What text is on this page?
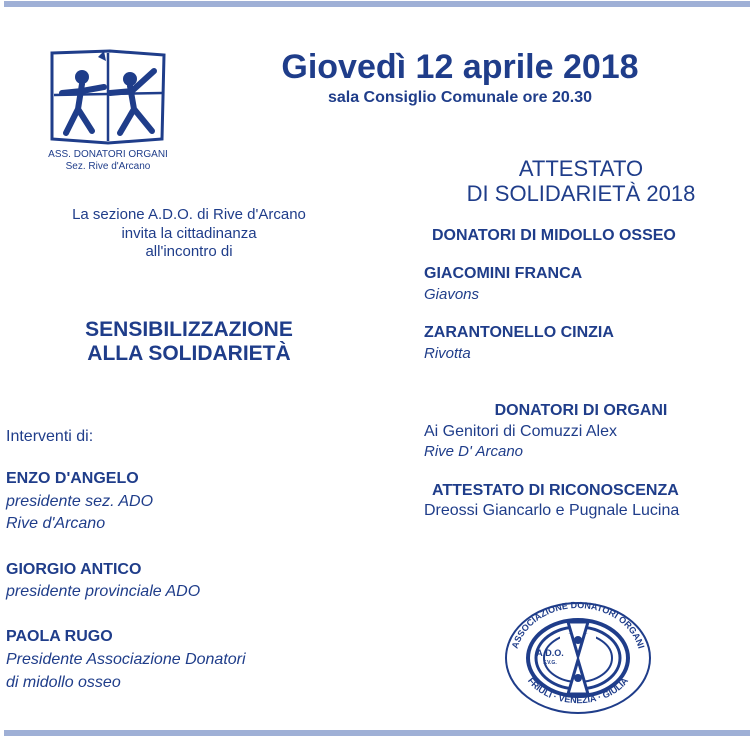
ASS. DONATORI ORGANI
Sez. Rive d'Arcano
Giovedì 12 aprile 2018
sala Consiglio Comunale ore 20.30
La sezione A.D.O. di Rive d'Arcano
invita la cittadinanza
all'incontro di
SENSIBILIZZAZIONE
ALLA SOLIDARIETÀ
Interventi di:
ENZO D'ANGELO
presidente sez. ADO
Rive d'Arcano
GIORGIO ANTICO
presidente provinciale ADO
PAOLA RUGO
Presidente Associazione Donatori
di midollo osseo
ATTESTATO
DI SOLIDARIETÀ 2018
DONATORI DI MIDOLLO OSSEO
GIACOMINI FRANCA
Giavons
ZARANTONELLO CINZIA
Rivotta
DONATORI DI ORGANI
Ai Genitori di Comuzzi Alex
Rive D' Arcano
ATTESTATO DI RICONOSCENZA
Dreossi Giancarlo e Pugnale Lucina
ASSOCIAZIONE DONATORI ORGANI
FRIULI · VENEZIA · GIULIA
A.D.O.
F.V.G.
